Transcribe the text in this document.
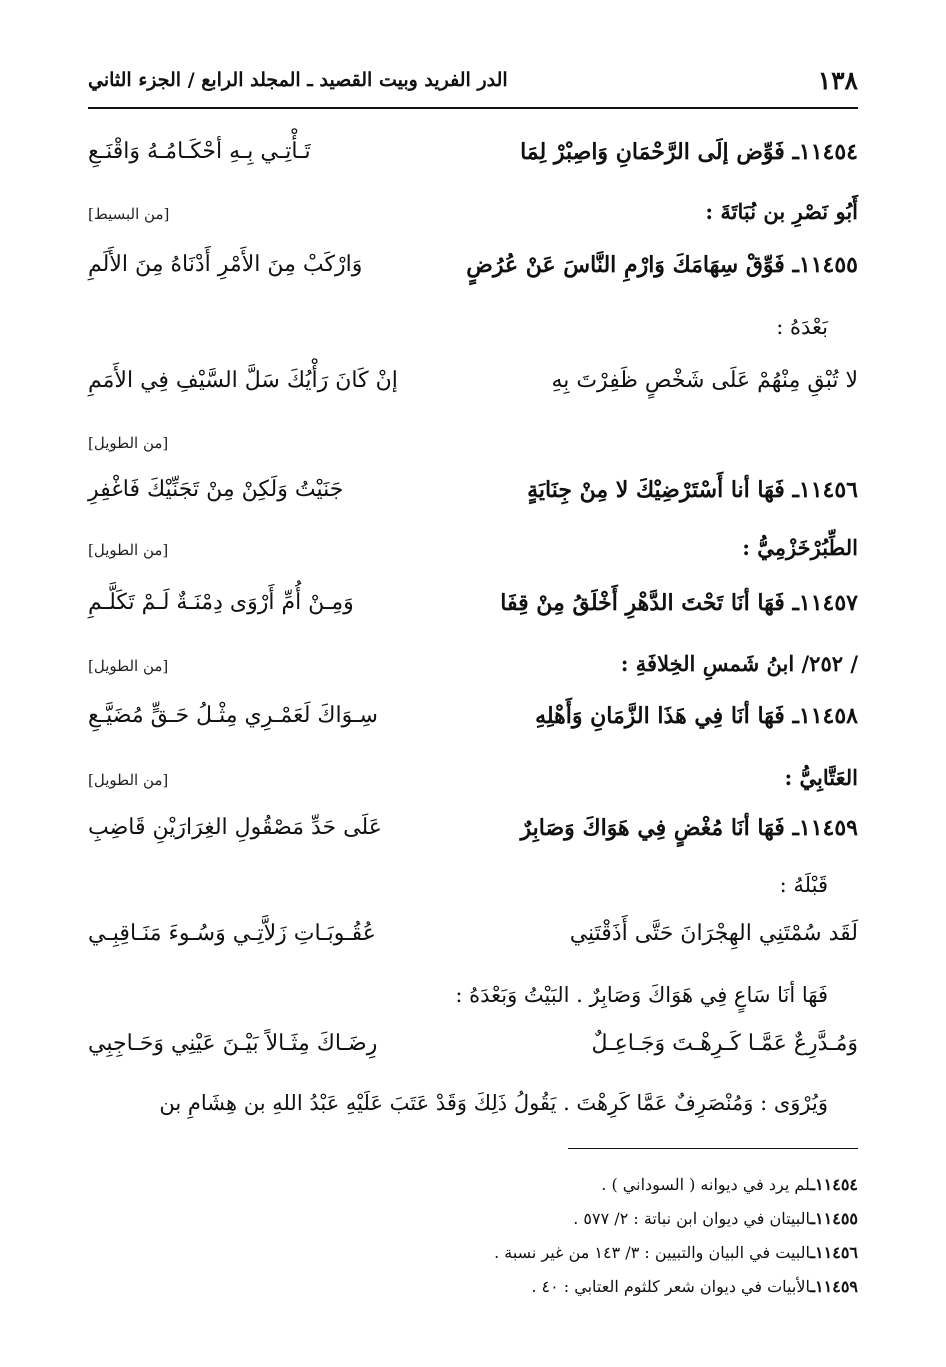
١٣٨
الدر الفريد وبيت القصيد ـ المجلد الرابع / الجزء الثاني
١١٤٥٤ـ فَوِّض إلَى الرَّحْمَانِ وَاصِبْرْ لِمَا
تَـأْتِـي بِـهِ أحْكَـامُـهُ وَاقْنَـعِ
أَبُو نَصْرِ بن نُبَاتَةَ :
[من البسيط]
١١٤٥٥ـ فَوِّقْ سِهَامَكَ وَارْمِ النَّاسَ عَنْ عُرُضٍ
وَارْكَبْ مِنَ الأَمْرِ أَدْنَاهُ مِنَ الأَلَمِ
بَعْدَهُ :
لا تُبْقِ مِنْهُمْ عَلَى شَخْصٍ ظَفِرْتَ بِهِ
إنْ كَانَ رَأْيُكَ سَلَّ السَّيْفِ فِي الأَمَمِ
[من الطويل]
١١٤٥٦ـ فَهَا أنا أَسْتَرْضِيْكَ لا مِنْ جِنَايَةٍ
جَنَيْتُ وَلَكِنْ مِنْ تَجَنِّيْكَ فَاغْفِرِ
الطِّبُرْخَزْمِيُّ :
[من الطويل]
١١٤٥٧ـ فَهَا أنَا تَحْتَ الدَّهْرِ أَخْلَقُ مِنْ قِفَا
وَمِـنْ أُمِّ أَرْوَى دِمْنَـةٌ لَـمْ تَكَلَّـمِ
/ ٢٥٢/ ابنُ شَمسِ الخِلافَةِ :
[من الطويل]
١١٤٥٨ـ فَهَا أنَا فِي هَذَا الزَّمَانِ وَأَهْلِهِ
سِـوَاكَ لَعَمْـرِي مِثْـلُ حَـقٍّ مُضَيَّـعِ
العَتَّابِيُّ :
[من الطويل]
١١٤٥٩ـ فَهَا أنَا مُغْضٍ فِي هَوَاكَ وَصَابِرٌ
عَلَى حَدِّ مَصْقُولِ الغِرَارَيْنِ قَاضِبِ
قَبْلَهُ :
لَقَد سُمْتَنِي الهِجْرَانَ حَتَّى أَذَقْتَنِي
عُقُـوبَـاتِ زَلاَّتِـي وَسُـوءَ مَنَـاقِبِـي
فَهَا أنَا سَاعٍ فِي هَوَاكَ وَصَابِرٌ . البَيْتُ وَبَعْدَهُ :
وَمُـدَّرِعٌ عَمَّـا كَـرِهْـتَ وَجَـاعِـلٌ
رِضَـاكَ مِثَـالاً بَيْـنَ عَيْنِي وَحَـاجِبِي
وَيُرْوَى : وَمُنْصَرِفٌ عَمَّا كَرِهْتَ . يَقُولُ ذَلِكَ وَقَدْ عَتَبَ عَلَيْهِ عَبْدُ اللهِ بن هِشَامِ بن
١١٤٥٤ـلم يرد في ديوانه ( السوداني ) .
١١٤٥٥ـالبيتان في ديوان ابن نباتة : ٢/ ٥٧٧ .
١١٤٥٦ـالبيت في البيان والتبيين : ٣/ ١٤٣ من غير نسبة .
١١٤٥٩ـالأبيات في ديوان شعر كلثوم العتابي : ٤٠ .
